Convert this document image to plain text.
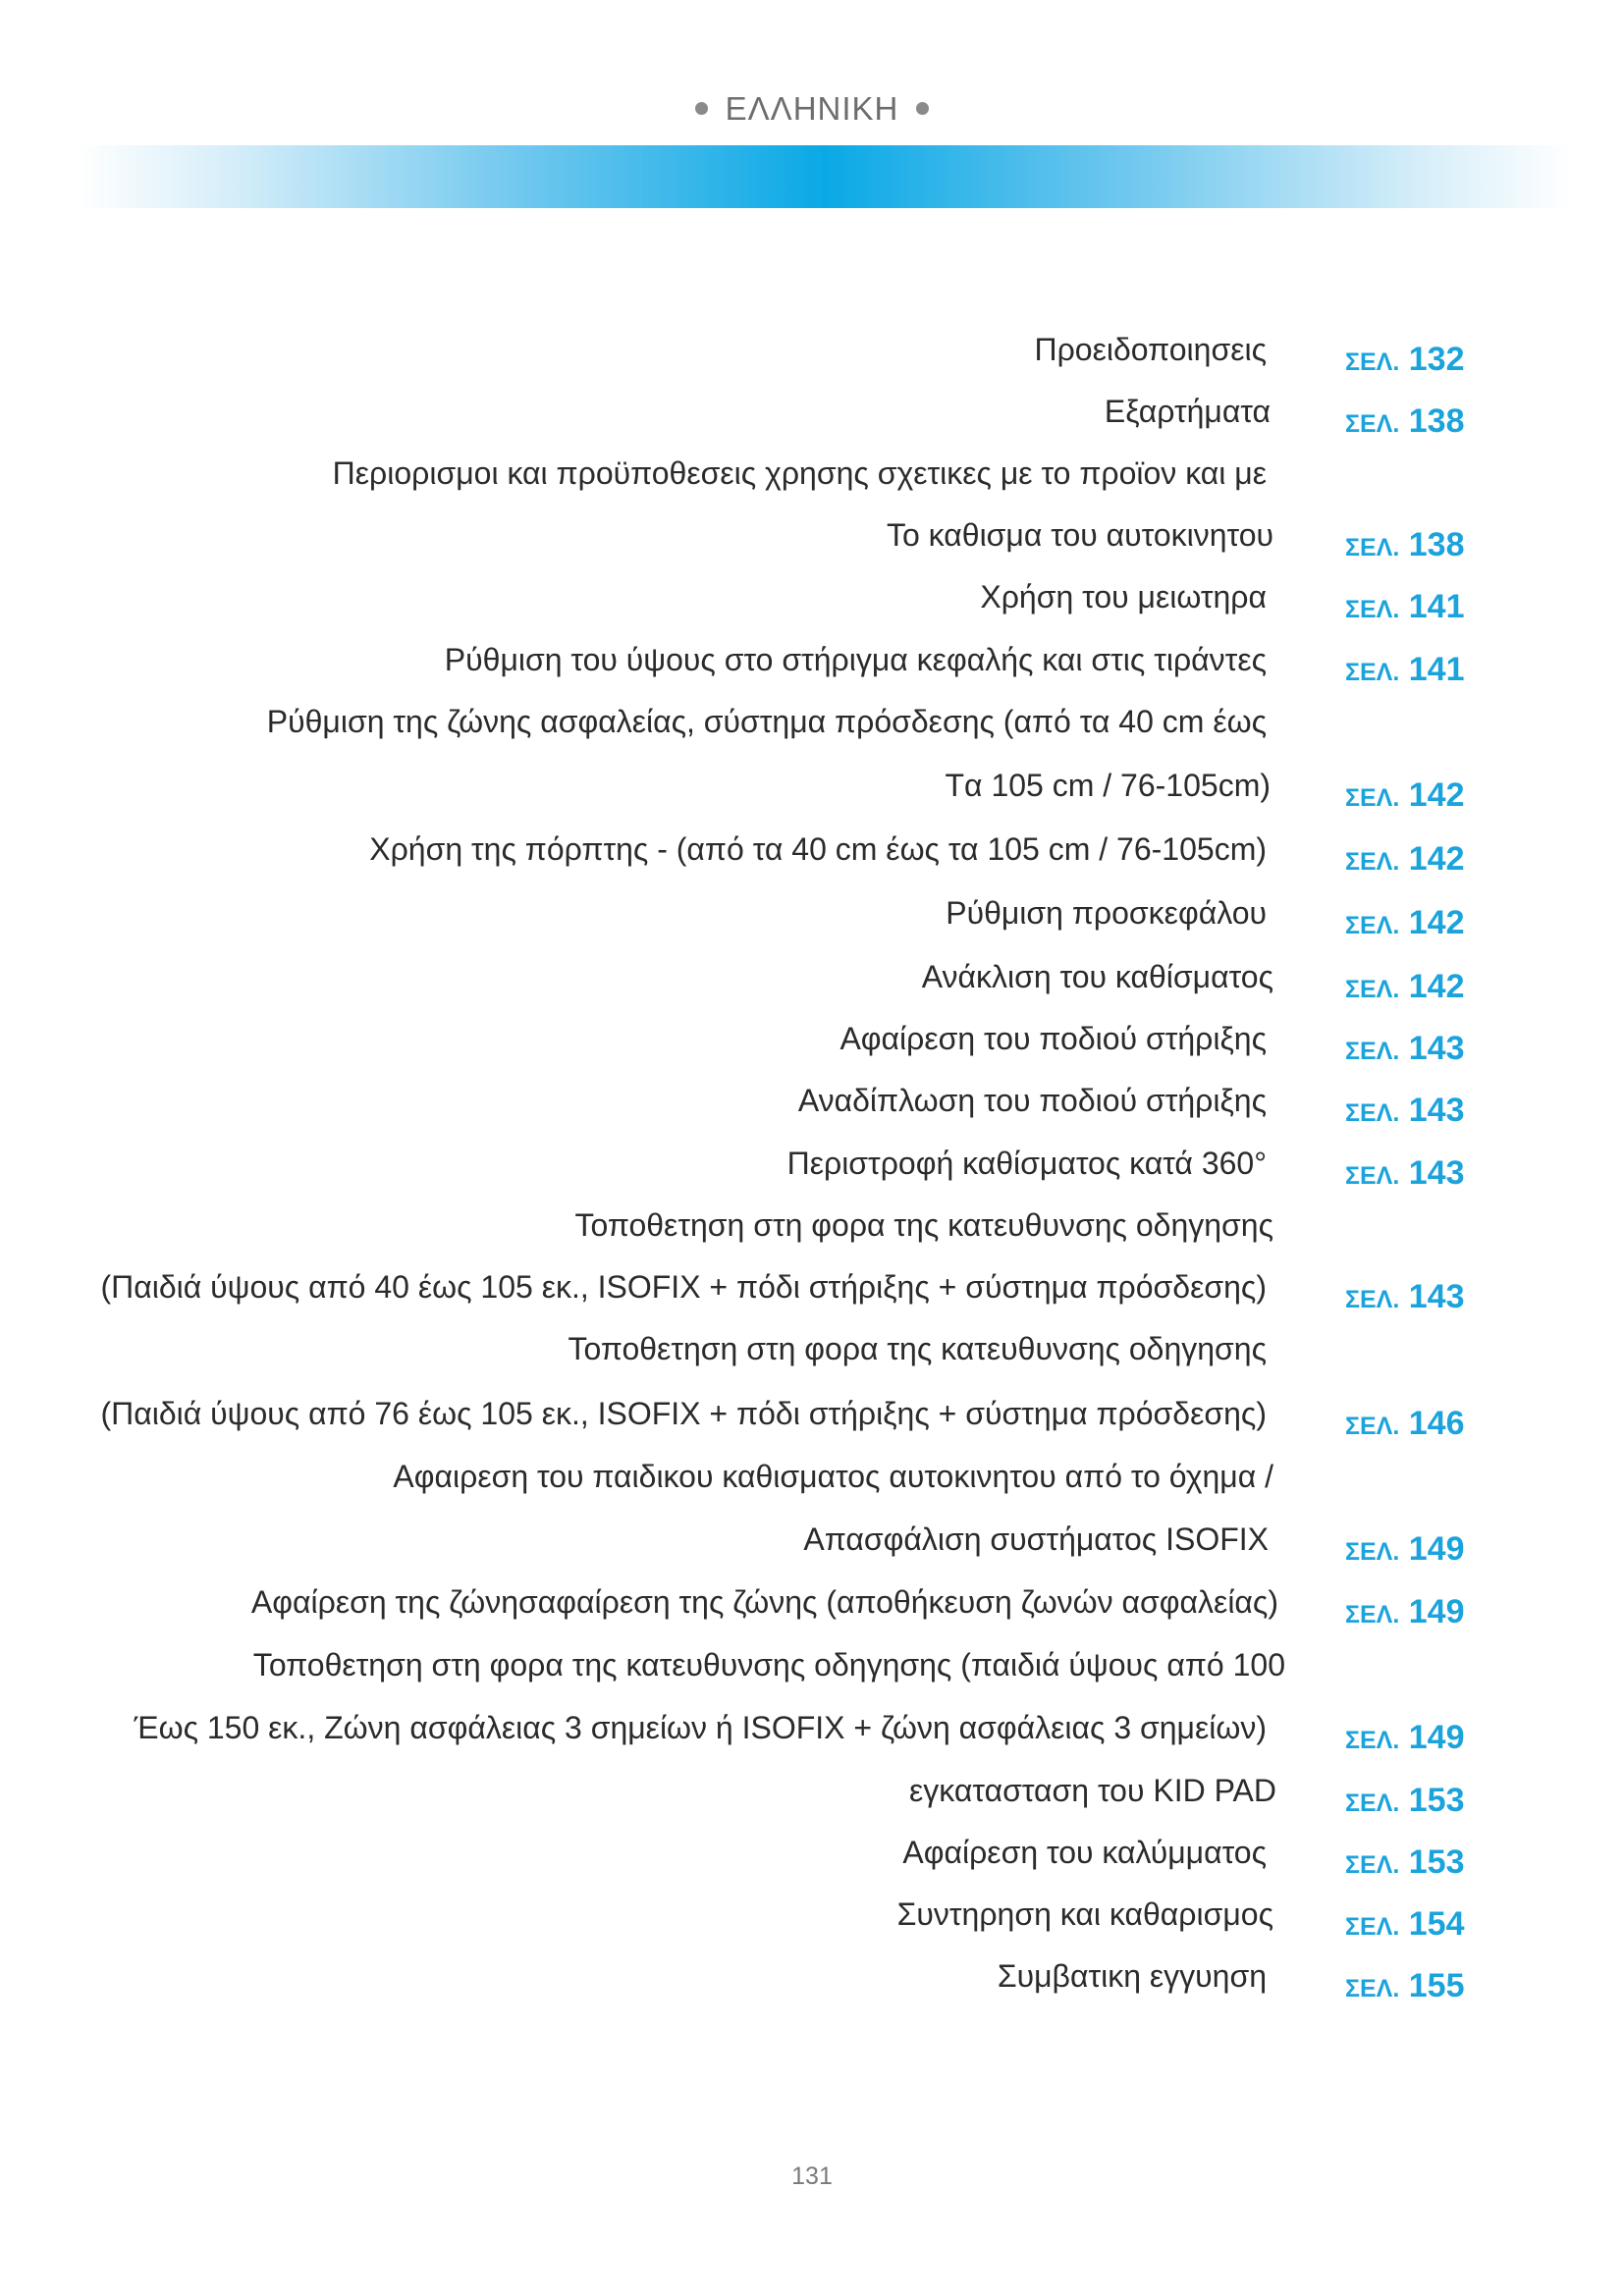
ΕΛΛΗΝΙΚΗ
Προειδοποιησεις	ΣΕΛ. 132
Εξαρτήματα	ΣΕΛ. 138
Περιορισμοι και προϋποθεσεις χρησης σχετικες με το προϊον και με
Το καθισμα του αυτοκινητου	ΣΕΛ. 138
Χρήση του μειωτηρα	ΣΕΛ. 141
Ρύθμιση του ύψους στο στήριγμα κεφαλής και στις τιράντες	ΣΕΛ. 141
Ρύθμιση της ζώνης ασφαλείας, σύστημα πρόσδεσης (από τα 40 cm έως
Tα 105 cm / 76-105cm)	ΣΕΛ. 142
Χρήση της πόρπτης - (από τα 40 cm έως τα 105 cm / 76-105cm)	ΣΕΛ. 142
Ρύθμιση προσκεφάλου	ΣΕΛ. 142
Ανάκλιση του καθίσματος	ΣΕΛ. 142
Αφαίρεση του ποδιού στήριξης	ΣΕΛ. 143
Αναδίπλωση του ποδιού στήριξης	ΣΕΛ. 143
Περιστροφή καθίσματος κατά 360°	ΣΕΛ. 143
Τοποθετηση στη φορα της κατευθυνσης οδηγησης
(Παιδιά ύψους από 40 έως 105 εκ., ISOFIX + πόδι στήριξης + σύστημα πρόσδεσης)	ΣΕΛ. 143
Τοποθετηση στη φορα της κατευθυνσης οδηγησης
(Παιδιά ύψους από 76 έως 105 εκ., ISOFIX + πόδι στήριξης + σύστημα πρόσδεσης)	ΣΕΛ. 146
Αφαιρεση του παιδικου καθισματος αυτοκινητου από το όχημα /
Απασφάλιση συστήματος ISOFIX	ΣΕΛ. 149
Αφαίρεση της ζώνησαφαίρεση της ζώνης (αποθήκευση ζωνών ασφαλείας)	ΣΕΛ. 149
Τοποθετηση στη φορα της κατευθυνσης οδηγησης (παιδιά ύψους από 100
Έως 150 εκ., Ζώνη ασφάλειας 3 σημείων ή ISOFIX + ζώνη ασφάλειας 3 σημείων)	ΣΕΛ. 149
εγκατασταση του KID PAD	ΣΕΛ. 153
Αφαίρεση του καλύμματος	ΣΕΛ. 153
Συντηρηση και καθαρισμος	ΣΕΛ. 154
Συμβατικη εγγυηση	ΣΕΛ. 155
131
